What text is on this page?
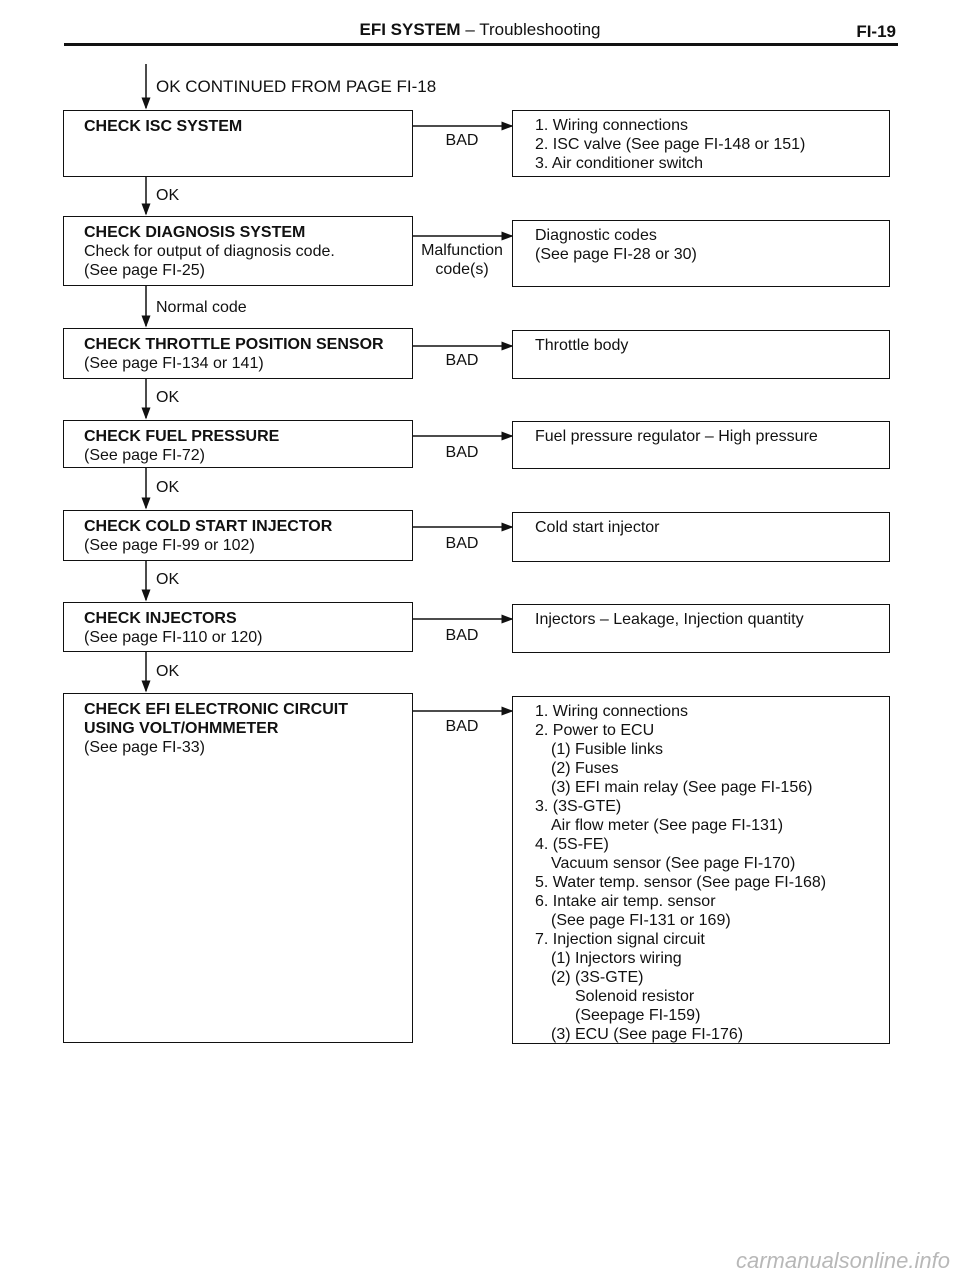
EFI SYSTEM – Troubleshooting	FI-19
OK CONTINUED FROM PAGE FI-18
CHECK ISC SYSTEM
CHECK DIAGNOSIS SYSTEM
Check for output of diagnosis code.
(See page FI-25)
CHECK THROTTLE POSITION SENSOR
(See page FI-134 or 141)
CHECK FUEL PRESSURE
(See page FI-72)
CHECK COLD START INJECTOR
(See page FI-99 or 102)
CHECK INJECTORS
(See page FI-110 or 120)
CHECK EFI ELECTRONIC CIRCUIT
USING VOLT/OHMMETER
(See page FI-33)
OK
Normal code
OK
OK
OK
OK
BAD
Malfunction
code(s)
BAD
BAD
BAD
BAD
BAD
1. Wiring connections
2. ISC valve (See page FI-148 or 151)
3. Air conditioner switch
Diagnostic codes
(See page FI-28 or 30)
Throttle body
Fuel pressure regulator – High pressure
Cold start injector
Injectors – Leakage, Injection quantity
1. Wiring connections
2. Power to ECU
(1) Fusible links
(2) Fuses
(3) EFI main relay (See page FI-156)
3. (3S-GTE)
Air flow meter (See page FI-131)
4. (5S-FE)
Vacuum sensor (See page FI-170)
5. Water temp. sensor (See page FI-168)
6. Intake air temp. sensor
(See page FI-131 or 169)
7. Injection signal circuit
(1) Injectors wiring
(2) (3S-GTE)
Solenoid resistor
(Seepage FI-159)
(3) ECU (See page FI-176)
carmanualsonline.info
